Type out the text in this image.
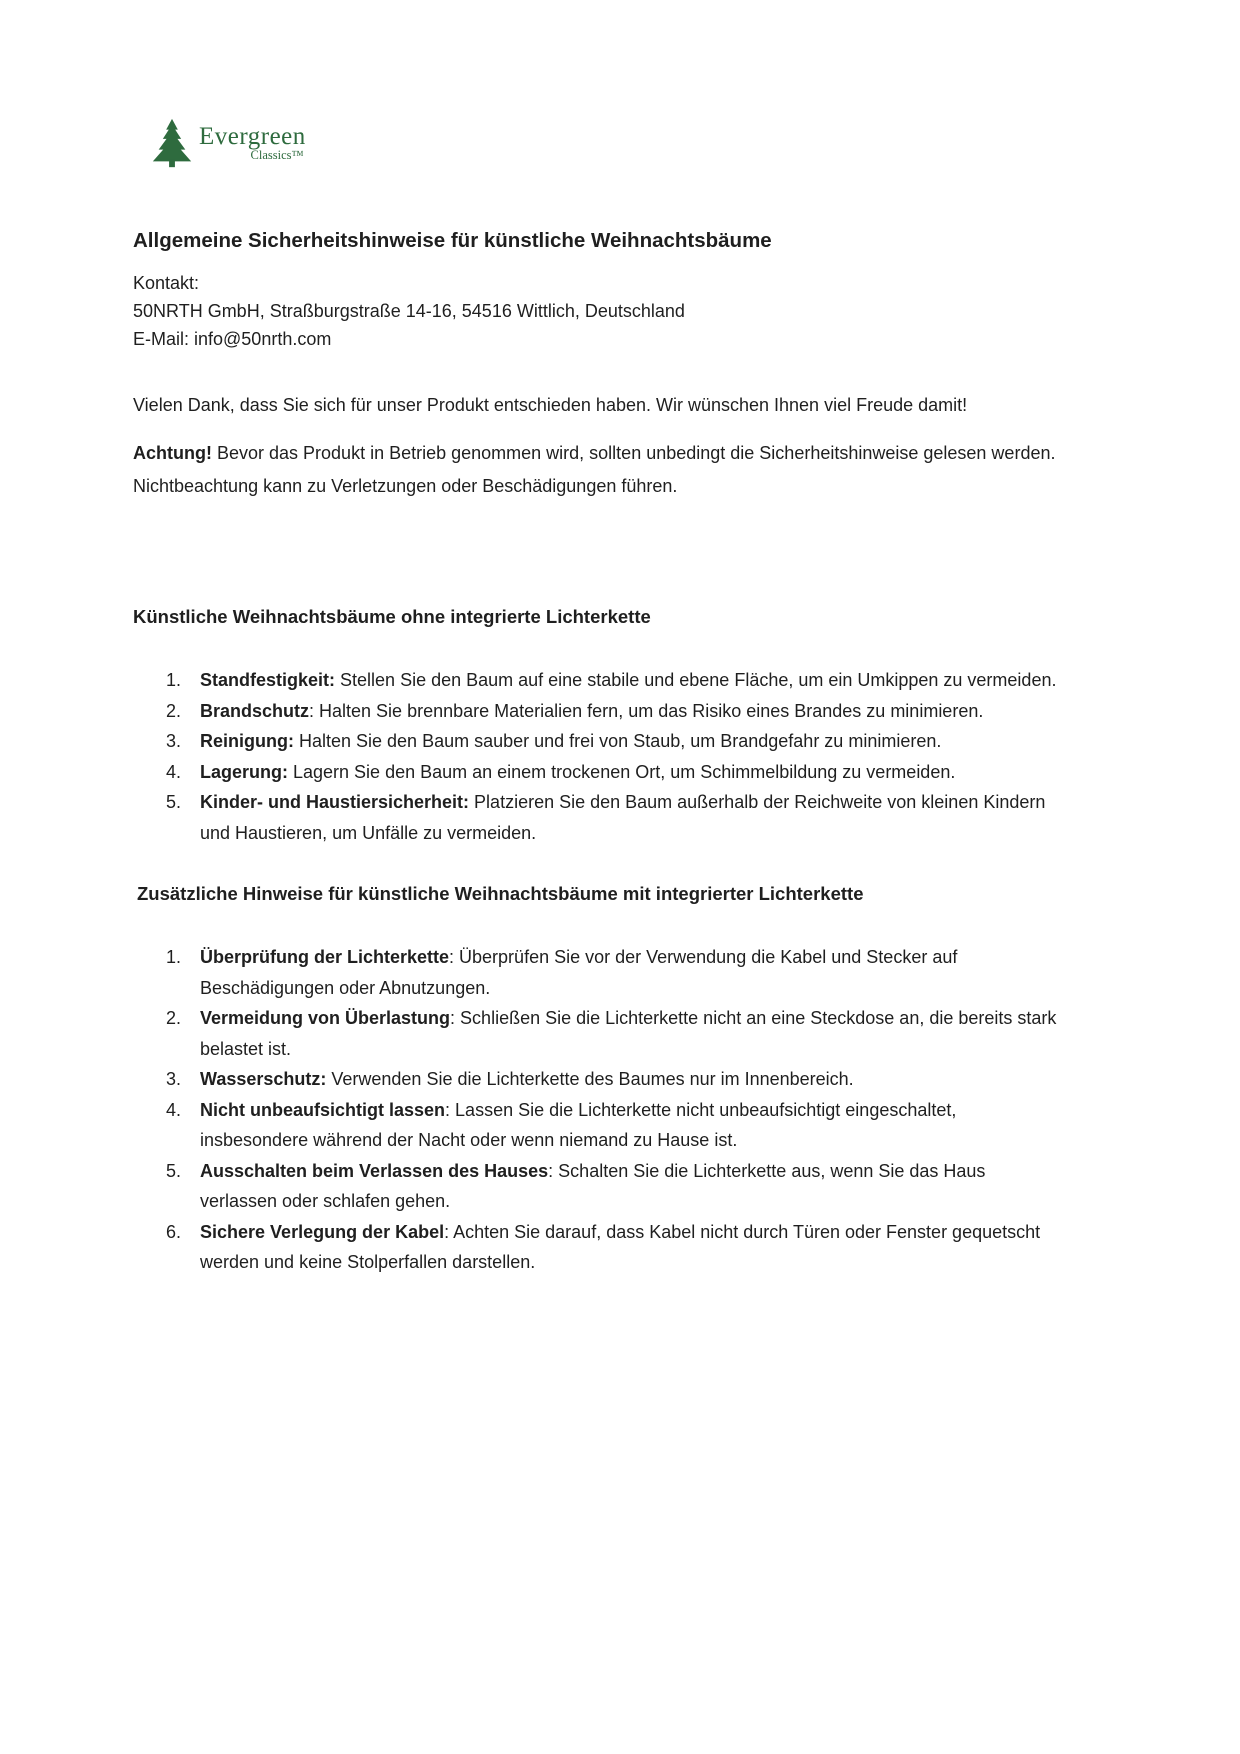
Evergreen
Classics™
Allgemeine Sicherheitshinweise für künstliche Weihnachtsbäume

Kontakt:

50NRTH GmbH, Straßburgstraße 14-16, 54516 Wittlich, Deutschland

E-Mail: info@50nrth.com

Vielen Dank, dass Sie sich für unser Produkt entschieden haben. Wir wünschen Ihnen viel Freude damit!

Achtung! Bevor das Produkt in Betrieb genommen wird, sollten unbedingt die Sicherheitshinweise gelesen werden. Nichtbeachtung kann zu Verletzungen oder Beschädigungen führen.

Künstliche Weihnachtsbäume ohne integrierte Lichterkette
1.	Standfestigkeit: Stellen Sie den Baum auf eine stabile und ebene Fläche, um ein Umkippen zu vermeiden.

2.	Brandschutz: Halten Sie brennbare Materialien fern, um das Risiko eines Brandes zu minimieren.

3.	Reinigung: Halten Sie den Baum sauber und frei von Staub, um Brandgefahr zu minimieren.

4.	Lagerung: Lagern Sie den Baum an einem trockenen Ort, um Schimmelbildung zu vermeiden.

5.	Kinder- und Haustiersicherheit: Platzieren Sie den Baum außerhalb der Reichweite von kleinen Kindern und Haustieren, um Unfälle zu vermeiden.

Zusätzliche Hinweise für künstliche Weihnachtsbäume mit integrierter Lichterkette
1.	Überprüfung der Lichterkette: Überprüfen Sie vor der Verwendung die Kabel und Stecker auf Beschädigungen oder Abnutzungen.

2.	Vermeidung von Überlastung: Schließen Sie die Lichterkette nicht an eine Steckdose an, die bereits stark belastet ist.

3.	Wasserschutz: Verwenden Sie die Lichterkette des Baumes nur im Innenbereich.

4.	Nicht unbeaufsichtigt lassen: Lassen Sie die Lichterkette nicht unbeaufsichtigt eingeschaltet, insbesondere während der Nacht oder wenn niemand zu Hause ist.

5.	Ausschalten beim Verlassen des Hauses: Schalten Sie die Lichterkette aus, wenn Sie das Haus verlassen oder schlafen gehen.

6.	Sichere Verlegung der Kabel: Achten Sie darauf, dass Kabel nicht durch Türen oder Fenster gequetscht werden und keine Stolperfallen darstellen.
